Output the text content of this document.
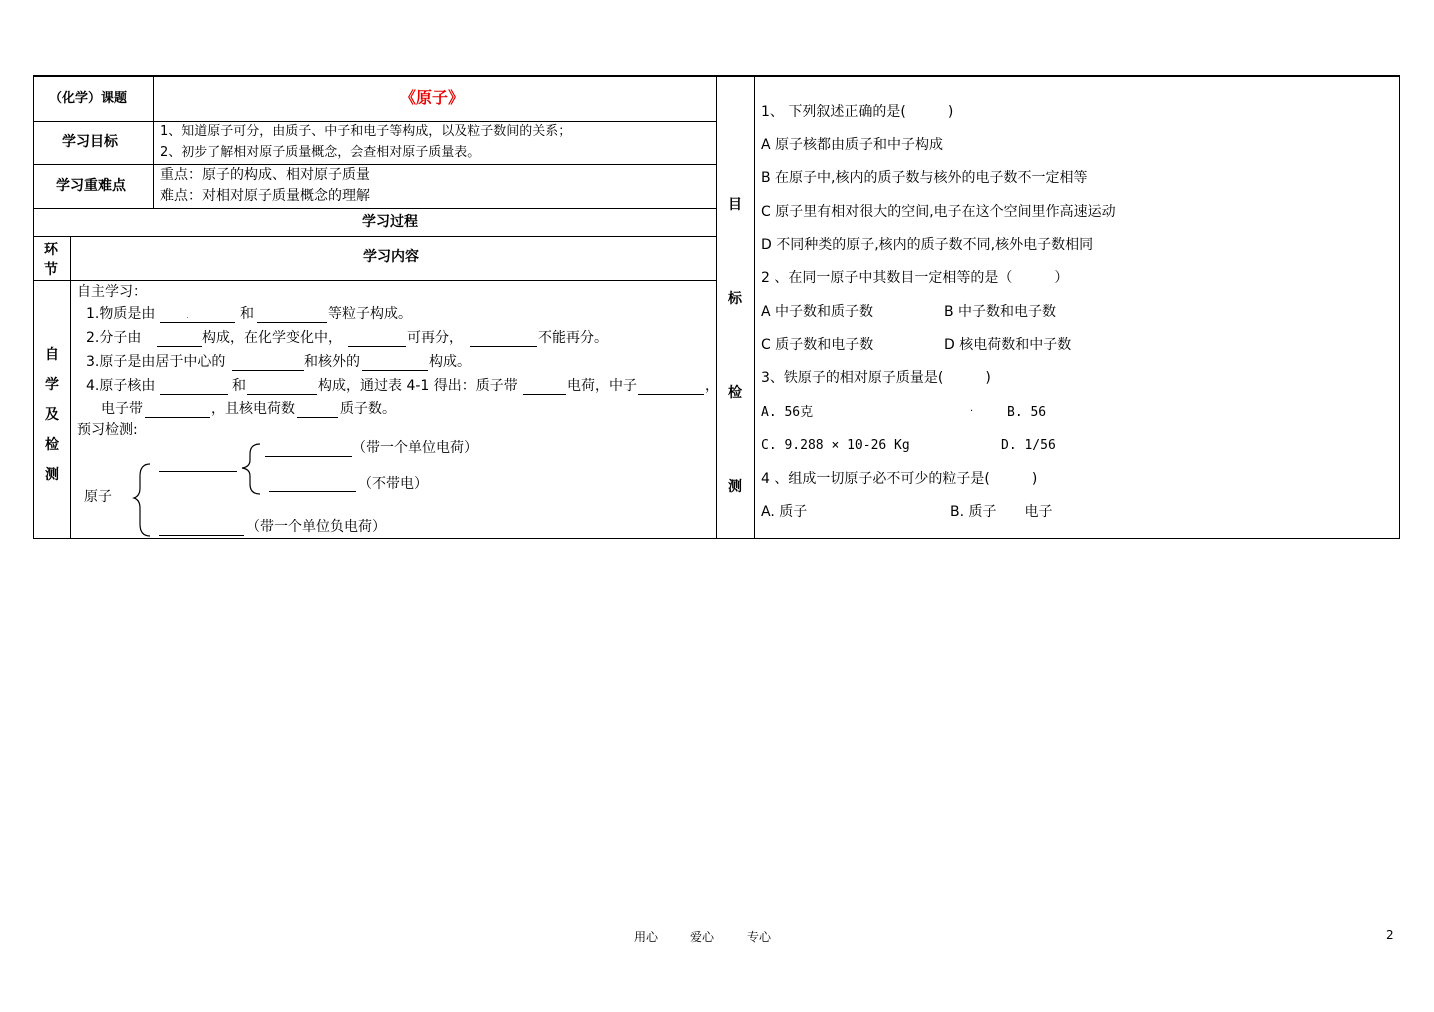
（化学）课题	《原子》
学习目标
1、知道原子可分，由质子、中子和电子等构成，以及粒子数间的关系；
2、初步了解相对原子质量概念，会查相对原子质量表。
学习重难点
重点：原子的构成、相对原子质量
难点：对相对原子质量概念的理解
学习过程
环节
学习内容
自学及检测
自主学习：
1.物质是由	.	和	等粒子构成。
2.分子由	构成，在化学变化中，	可再分，	不能再分。
3.原子是由居于中心的	和核外的	构成。
4.原子核由	和	构成，通过表 4-1 得出：质子带	电荷，中子	，
电子带	，且核电荷数	质子数。
预习检测:
原子
（带一个单位电荷）
（不带电）
（带一个单位负电荷）
目标检测
1、 下列叙述正确的是(　　　)
A 原子核都由质子和中子构成
B 在原子中,核内的质子数与核外的电子数不一定相等
C 原子里有相对很大的空间,电子在这个空间里作高速运动
D 不同种类的原子,核内的质子数不同,核外电子数相同
2 、在同一原子中其数目一定相等的是（　　　）
A 中子数和质子数	B 中子数和电子数
C 质子数和电子数	D 核电荷数和中子数
3、铁原子的相对原子质量是(　　　)
A. 56克	.	B. 56
C. 9.288 × 10-26 Kg	D. 1/56
4 、组成一切原子必不可少的粒子是(　　　)
A. 质子	B. 质子　　电子
用心	爱心	专心	2
